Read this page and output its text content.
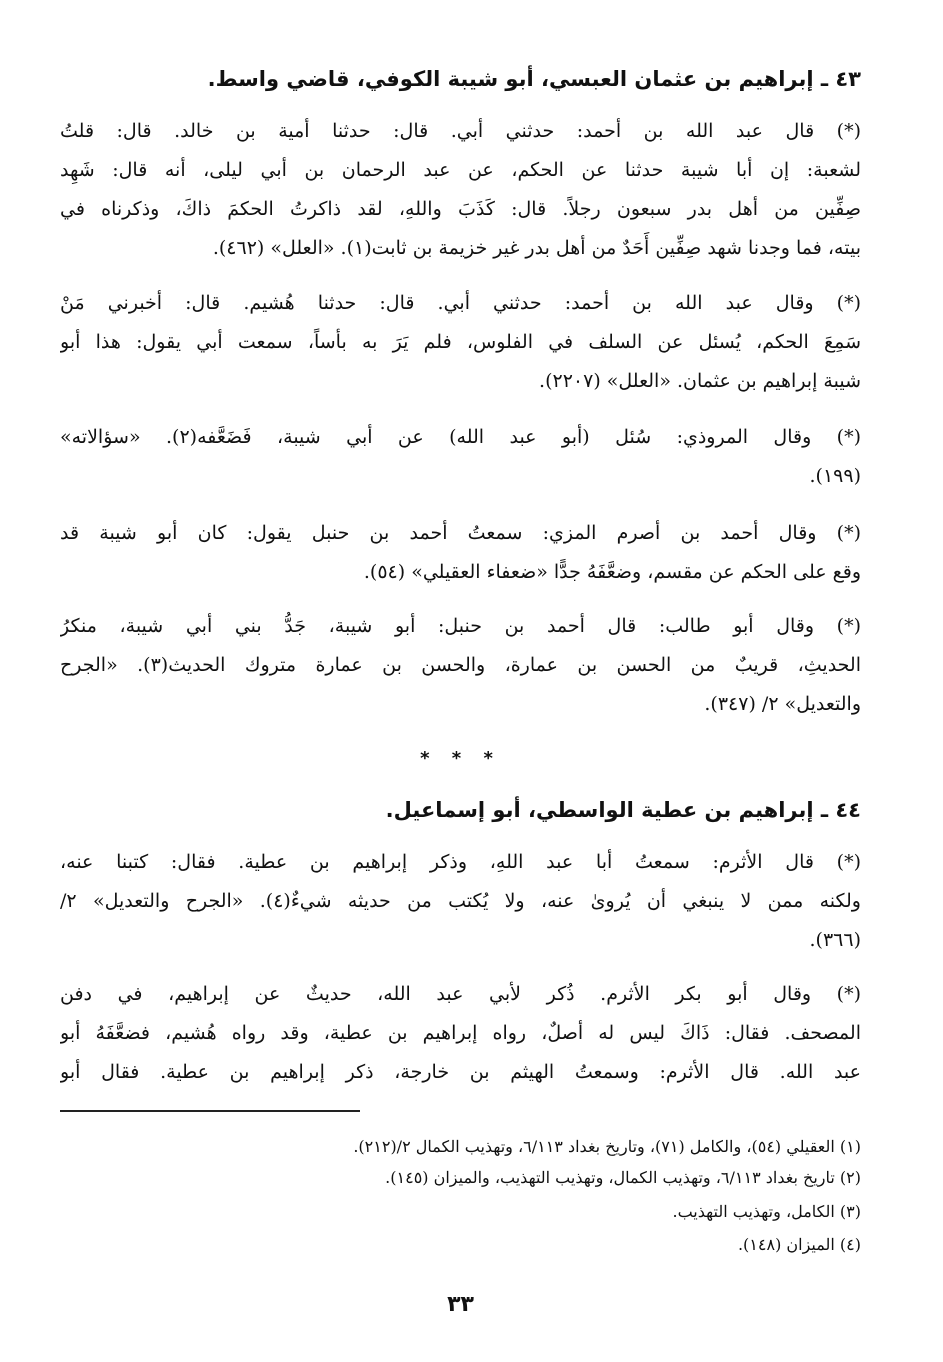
٤٣ ـ إبراهيم بن عثمان العبسي، أبو شيبة الكوفي، قاضي واسط.
(*) قال عبد الله بن أحمد: حدثني أبي. قال: حدثنا أمية بن خالد. قال: قلتُ
لشعبة: إن أبا شيبة حدثنا عن الحكم، عن عبد الرحمان بن أبي ليلى، أنه قال: شَهِد
صِفِّين من أهل بدر سبعون رجلاً. قال: كَذَبَ واللهِ، لقد ذاكرتُ الحكمَ ذاكَ، وذكرناه في
بيته، فما وجدنا شهد صِفِّين أَحَدٌ من أهل بدر غير خزيمة بن ثابت(١). «العلل» (٤٦٢).
(*) وقال عبد الله بن أحمد: حدثني أبي. قال: حدثنا هُشيم. قال: أخبرني مَنْ
سَمِعَ الحكم، يُسئل عن السلف في الفلوس، فلم يَرَ به بأساً، سمعت أبي يقول: هذا أبو
شيبة إبراهيم بن عثمان. «العلل» (٢٢٠٧).
(*) وقال المروذي: سُئل (أبو عبد الله) عن أبي شيبة، فَضَعَّفه(٢). «سؤالاته»
(١٩٩).
(*) وقال أحمد بن أصرم المزي: سمعتُ أحمد بن حنبل يقول: كان أبو شيبة قد
وقع على الحكم عن مقسم، وضعَّفَهُ جدًّا «ضعفاء العقيلي» (٥٤).
(*) وقال أبو طالب: قال أحمد بن حنبل: أبو شيبة، جَدُّ بني أبي شيبة، منكرُ
الحديثِ، قريبٌ من الحسن بن عمارة، والحسن بن عمارة متروك الحديث(٣). «الجرح
والتعديل» ٢/ (٣٤٧).
* * *
٤٤ ـ إبراهيم بن عطية الواسطي، أبو إسماعيل.
(*) قال الأثرم: سمعتُ أبا عبد اللهِ، وذكر إبراهيم بن عطية. فقال: كتبنا عنه،
ولكنه ممن لا ينبغي أن يُروىٰ عنه، ولا يُكتب من حديثه شيءٌ(٤). «الجرح والتعديل» ٢/
(٣٦٦).
(*) وقال أبو بكر الأثرم. ذُكر لأبي عبد الله، حديثٌ عن إبراهيم، في دفن
المصحف. فقال: ذَاكَ ليس له أصلٌ، رواه إبراهيم بن عطية، وقد رواه هُشيم، فضعَّفَهُ أبو
عبد الله. قال الأثرم: وسمعتُ الهيثم بن خارجة، ذكر إبراهيم بن عطية. فقال أبو
(١) العقيلي (٥٤)، والكامل (٧١)، وتاريخ بغداد ٦/١١٣، وتهذيب الكمال ٢/(٢١٢).
(٢) تاريخ بغداد ٦/١١٣، وتهذيب الكمال، وتهذيب التهذيب، والميزان (١٤٥).
(٣) الكامل، وتهذيب التهذيب.
(٤) الميزان (١٤٨).
٣٣
